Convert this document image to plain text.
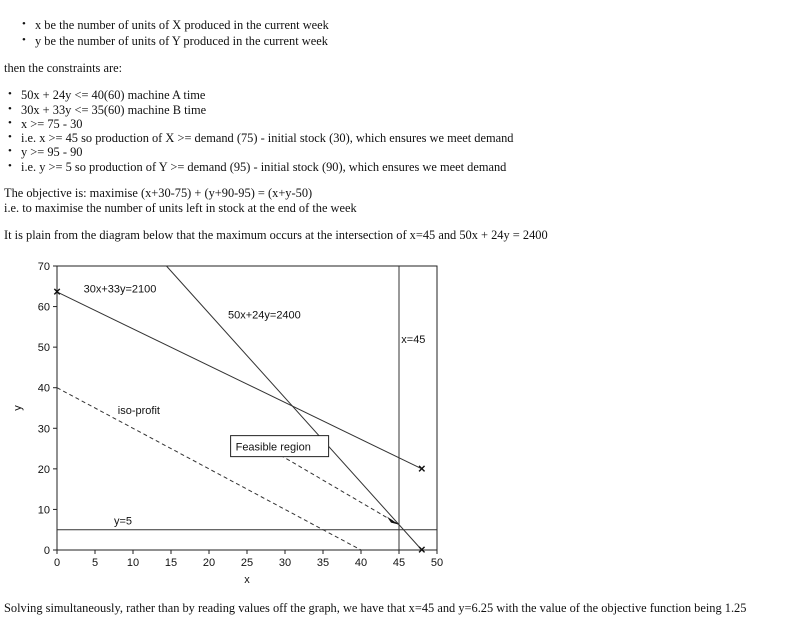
• x be the number of units of X produced in the current week
• y be the number of units of Y produced in the current week
then the constraints are:
• 50x + 24y <= 40(60) machine A time
• 30x + 33y <= 35(60) machine B time
• x >= 75 - 30
• i.e. x >= 45 so production of X >= demand (75) - initial stock (30), which ensures we meet demand
• y >= 95 - 90
• i.e. y >= 5 so production of Y >= demand (95) - initial stock (90), which ensures we meet demand
The objective is: maximise (x+30-75) + (y+90-95) = (x+y-50)
i.e. to maximise the number of units left in stock at the end of the week
It is plain from the diagram below that the maximum occurs at the intersection of x=45 and 50x + 24y = 2400
0	5	10 15 20 25 30 35 40 45 50
0
10
20
30
40
50
60
70
×
×
×
30x+33y=2100
50x+24y=2400
x=45
y=5
iso-profit
Feasible region
x
y
Solving simultaneously, rather than by reading values off the graph, we have that x=45 and y=6.25 with the value of the objective function being 1.25
